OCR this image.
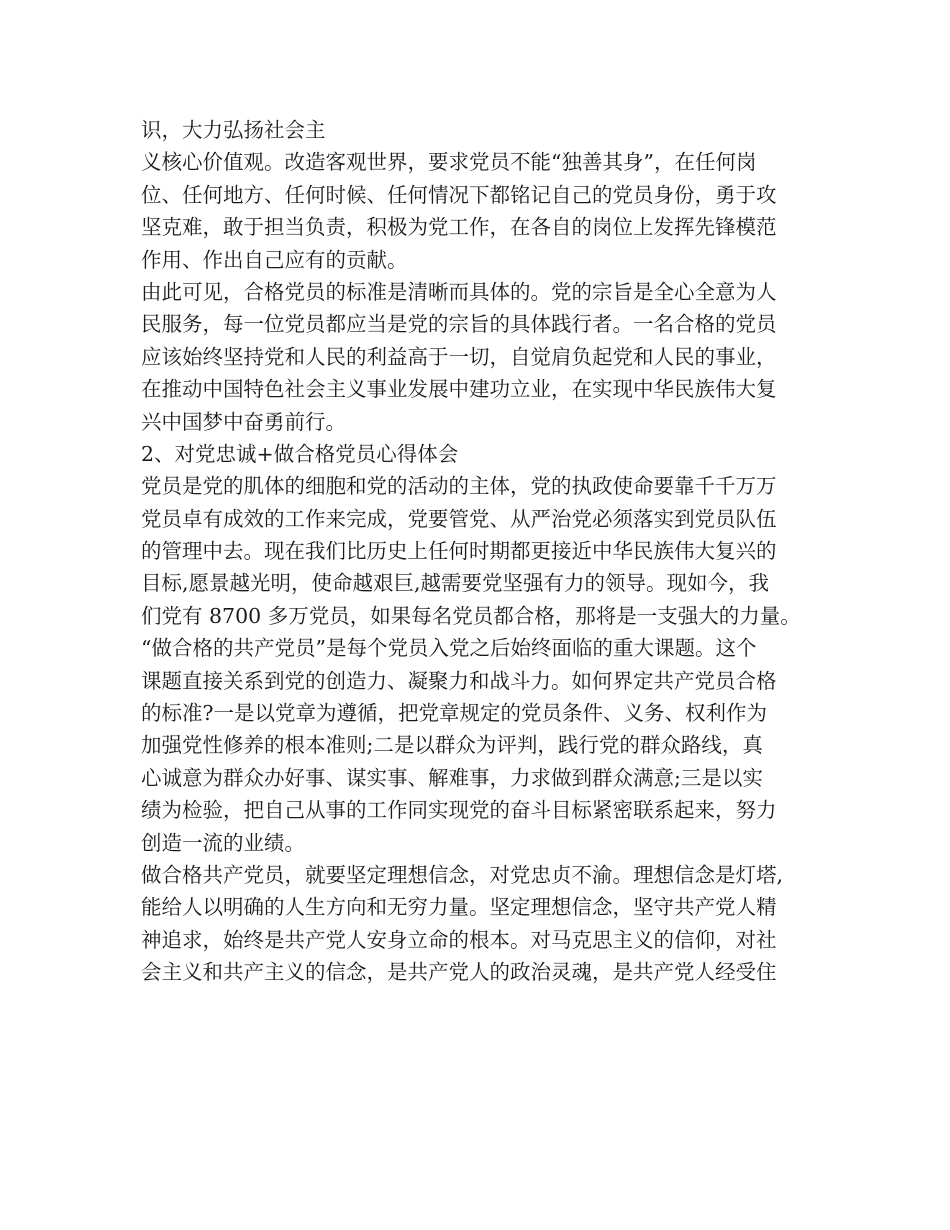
识，大力弘扬社会主
义核心价值观。改造客观世界，要求党员不能“独善其身”，在任何岗
位、任何地方、任何时候、任何情况下都铭记自己的党员身份，勇于攻
坚克难，敢于担当负责，积极为党工作，在各自的岗位上发挥先锋模范
作用、作出自己应有的贡献。
由此可见，合格党员的标准是清晰而具体的。党的宗旨是全心全意为人
民服务，每一位党员都应当是党的宗旨的具体践行者。一名合格的党员
应该始终坚持党和人民的利益高于一切，自觉肩负起党和人民的事业，
在推动中国特色社会主义事业发展中建功立业，在实现中华民族伟大复
兴中国梦中奋勇前行。
2、对党忠诚+做合格党员心得体会
党员是党的肌体的细胞和党的活动的主体，党的执政使命要靠千千万万
党员卓有成效的工作来完成，党要管党、从严治党必须落实到党员队伍
的管理中去。现在我们比历史上任何时期都更接近中华民族伟大复兴的
目标,愿景越光明，使命越艰巨,越需要党坚强有力的领导。现如今，我
们党有 8700 多万党员，如果每名党员都合格，那将是一支强大的力量。
“做合格的共产党员”是每个党员入党之后始终面临的重大课题。这个
课题直接关系到党的创造力、凝聚力和战斗力。如何界定共产党员合格
的标准?一是以党章为遵循，把党章规定的党员条件、义务、权利作为
加强党性修养的根本准则;二是以群众为评判，践行党的群众路线，真
心诚意为群众办好事、谋实事、解难事，力求做到群众满意;三是以实
绩为检验，把自己从事的工作同实现党的奋斗目标紧密联系起来，努力
创造一流的业绩。
做合格共产党员，就要坚定理想信念，对党忠贞不渝。理想信念是灯塔,
能给人以明确的人生方向和无穷力量。坚定理想信念，坚守共产党人精
神追求，始终是共产党人安身立命的根本。对马克思主义的信仰，对社
会主义和共产主义的信念，是共产党人的政治灵魂，是共产党人经受住
